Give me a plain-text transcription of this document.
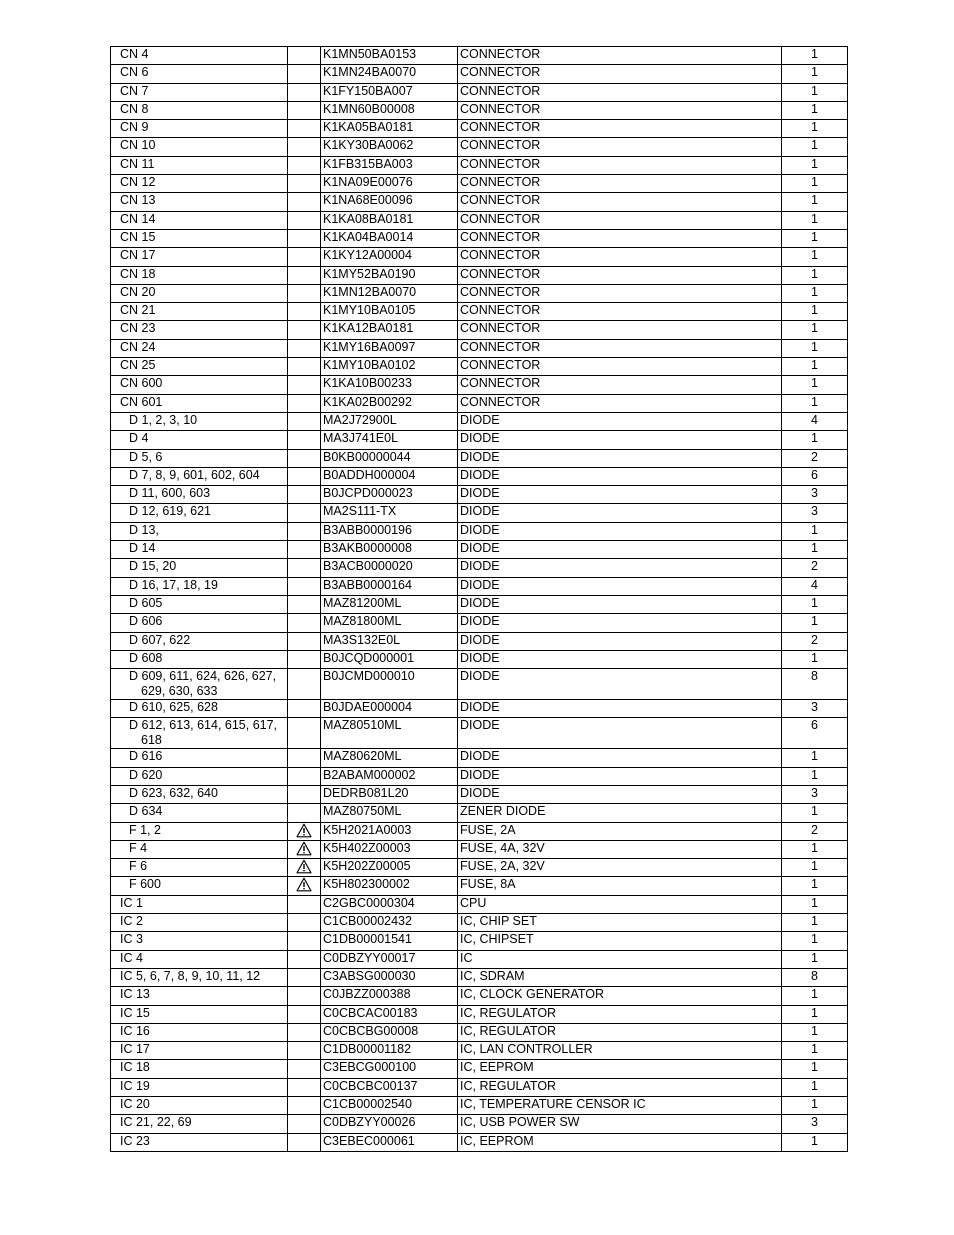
CN 4		K1MN50BA0153	CONNECTOR	1
CN 6		K1MN24BA0070	CONNECTOR	1
CN 7		K1FY150BA007	CONNECTOR	1
CN 8		K1MN60B00008	CONNECTOR	1
CN 9		K1KA05BA0181	CONNECTOR	1
CN 10		K1KY30BA0062	CONNECTOR	1
CN 11		K1FB315BA003	CONNECTOR	1
CN 12		K1NA09E00076	CONNECTOR	1
CN 13		K1NA68E00096	CONNECTOR	1
CN 14		K1KA08BA0181	CONNECTOR	1
CN 15		K1KA04BA0014	CONNECTOR	1
CN 17		K1KY12A00004	CONNECTOR	1
CN 18		K1MY52BA0190	CONNECTOR	1
CN 20		K1MN12BA0070	CONNECTOR	1
CN 21		K1MY10BA0105	CONNECTOR	1
CN 23		K1KA12BA0181	CONNECTOR	1
CN 24		K1MY16BA0097	CONNECTOR	1
CN 25		K1MY10BA0102	CONNECTOR	1
CN 600		K1KA10B00233	CONNECTOR	1
CN 601		K1KA02B00292	CONNECTOR	1
D 1, 2, 3, 10		MA2J72900L	DIODE	4
D 4		MA3J741E0L	DIODE	1
D 5, 6		B0KB00000044	DIODE	2
D 7, 8, 9, 601, 602, 604		B0ADDH000004	DIODE	6
D 11, 600, 603		B0JCPD000023	DIODE	3
D 12, 619, 621		MA2S111-TX	DIODE	3
D 13,		B3ABB0000196	DIODE	1
D 14		B3AKB0000008	DIODE	1
D 15, 20		B3ACB0000020	DIODE	2
D 16, 17, 18, 19		B3ABB0000164	DIODE	4
D 605		MAZ81200ML	DIODE	1
D 606		MAZ81800ML	DIODE	1
D 607, 622		MA3S132E0L	DIODE	2
D 608		B0JCQD000001	DIODE	1
D 609, 611, 624, 626, 627,
629, 630, 633		B0JCMD000010	DIODE	8
D 610, 625, 628		B0JDAE000004	DIODE	3
D 612, 613, 614, 615, 617,
618		MAZ80510ML	DIODE	6
D 616		MAZ80620ML	DIODE	1
D 620		B2ABAM000002	DIODE	1
D 623, 632, 640		DEDRB081L20	DIODE	3
D 634		MAZ80750ML	ZENER DIODE	1
F 1, 2		K5H2021A0003	FUSE, 2A	2
F 4		K5H402Z00003	FUSE, 4A, 32V	1
F 6		K5H202Z00005	FUSE, 2A, 32V	1
F 600		K5H802300002	FUSE, 8A	1
IC 1		C2GBC0000304	CPU	1
IC 2		C1CB00002432	IC, CHIP SET	1
IC 3		C1DB00001541	IC, CHIPSET	1
IC 4		C0DBZYY00017	IC	1
IC 5, 6, 7, 8, 9, 10, 11, 12		C3ABSG000030	IC, SDRAM	8
IC 13		C0JBZZ000388	IC, CLOCK GENERATOR	1
IC 15		C0CBCAC00183	IC, REGULATOR	1
IC 16		C0CBCBG00008	IC, REGULATOR	1
IC 17		C1DB00001182	IC, LAN CONTROLLER	1
IC 18		C3EBCG000100	IC, EEPROM	1
IC 19		C0CBCBC00137	IC, REGULATOR	1
IC 20		C1CB00002540	IC, TEMPERATURE CENSOR IC	1
IC 21, 22, 69		C0DBZYY00026	IC, USB POWER SW	3
IC 23		C3EBEC000061	IC, EEPROM	1
